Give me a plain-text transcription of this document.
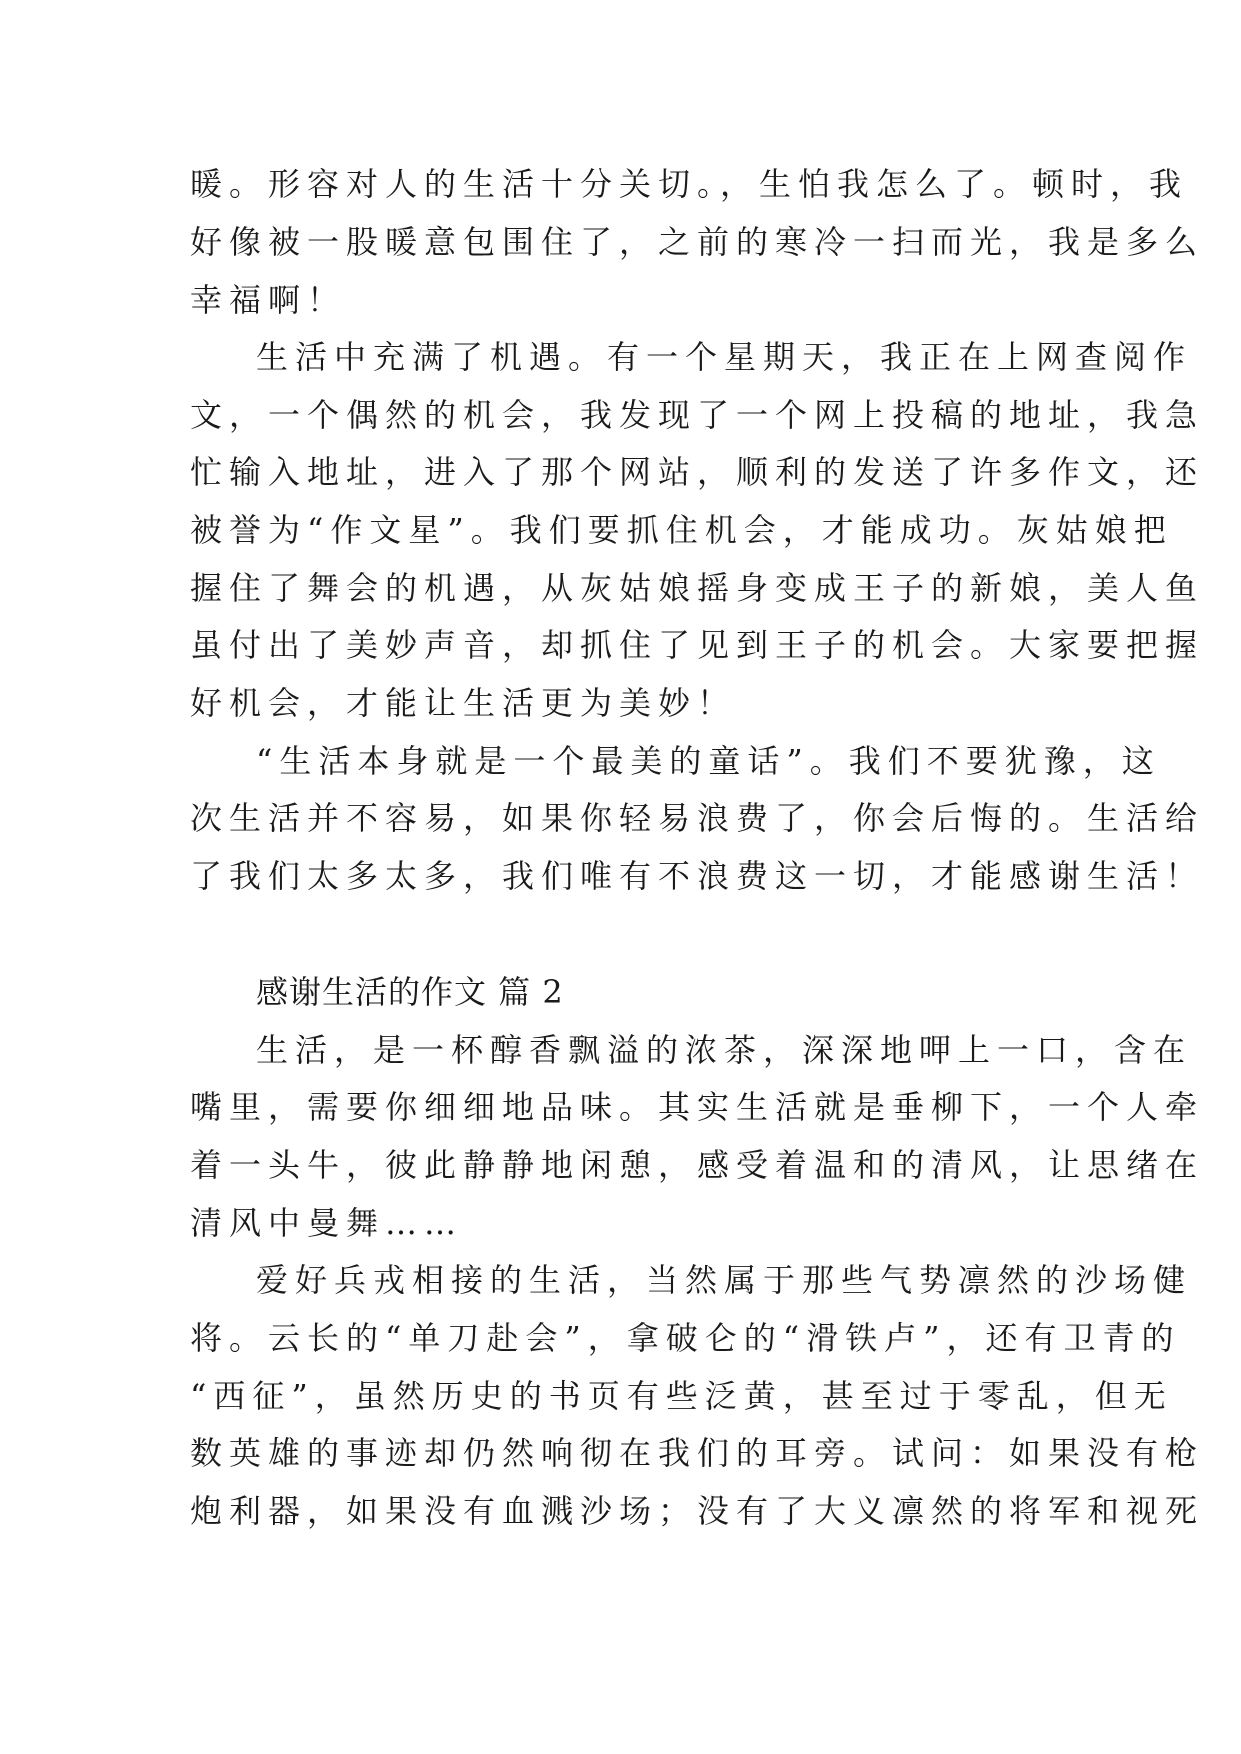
暖。形容对人的生活十分关切。，生怕我怎么了。顿时，我

好像被一股暖意包围住了，之前的寒冷一扫而光，我是多么

幸福啊！

生活中充满了机遇。有一个星期天，我正在上网查阅作

文，一个偶然的机会，我发现了一个网上投稿的地址，我急

忙输入地址，进入了那个网站，顺利的发送了许多作文，还

被誉为“作文星”。我们要抓住机会，才能成功。灰姑娘把

握住了舞会的机遇，从灰姑娘摇身变成王子的新娘，美人鱼

虽付出了美妙声音，却抓住了见到王子的机会。大家要把握

好机会，才能让生活更为美妙！

“生活本身就是一个最美的童话”。我们不要犹豫，这

次生活并不容易，如果你轻易浪费了，你会后悔的。生活给

了我们太多太多，我们唯有不浪费这一切，才能感谢生活！

感谢生活的作文 篇 2

生活，是一杯醇香飘溢的浓茶，深深地呷上一口，含在

嘴里，需要你细细地品味。其实生活就是垂柳下，一个人牵

着一头牛，彼此静静地闲憩，感受着温和的清风，让思绪在

清风中曼舞……

爱好兵戎相接的生活，当然属于那些气势凛然的沙场健

将。云长的“单刀赴会”，拿破仑的“滑铁卢”，还有卫青的

“西征”，虽然历史的书页有些泛黄，甚至过于零乱，但无

数英雄的事迹却仍然响彻在我们的耳旁。试问：如果没有枪

炮利器，如果没有血溅沙场；没有了大义凛然的将军和视死
